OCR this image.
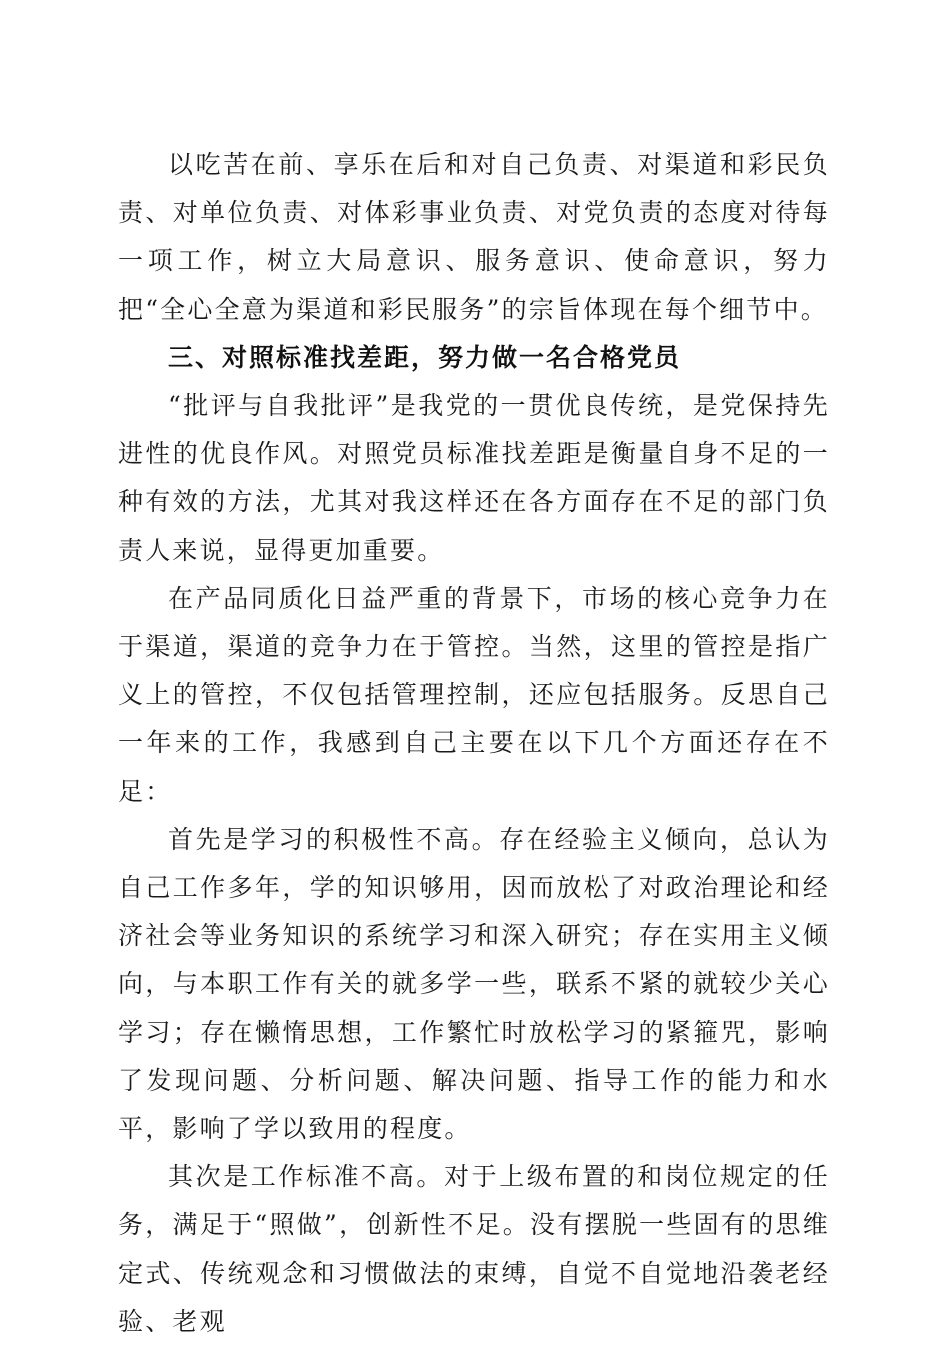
以吃苦在前、享乐在后和对自己负责、对渠道和彩民负责、对单位负责、对体彩事业负责、对党负责的态度对待每一项工作，树立大局意识、服务意识、使命意识，努力把“全心全意为渠道和彩民服务”的宗旨体现在每个细节中。

三、对照标准找差距，努力做一名合格党员

“批评与自我批评”是我党的一贯优良传统，是党保持先进性的优良作风。对照党员标准找差距是衡量自身不足的一种有效的方法，尤其对我这样还在各方面存在不足的部门负责人来说，显得更加重要。

在产品同质化日益严重的背景下，市场的核心竞争力在于渠道，渠道的竞争力在于管控。当然，这里的管控是指广义上的管控，不仅包括管理控制，还应包括服务。反思自己一年来的工作，我感到自己主要在以下几个方面还存在不足：

首先是学习的积极性不高。存在经验主义倾向，总认为自己工作多年，学的知识够用，因而放松了对政治理论和经济社会等业务知识的系统学习和深入研究；存在实用主义倾向，与本职工作有关的就多学一些，联系不紧的就较少关心学习；存在懒惰思想，工作繁忙时放松学习的紧箍咒，影响了发现问题、分析问题、解决问题、指导工作的能力和水平，影响了学以致用的程度。

其次是工作标准不高。对于上级布置的和岗位规定的任务，满足于“照做”，创新性不足。没有摆脱一些固有的思维定式、传统观念和习惯做法的束缚，自觉不自觉地沿袭老经验、老观
